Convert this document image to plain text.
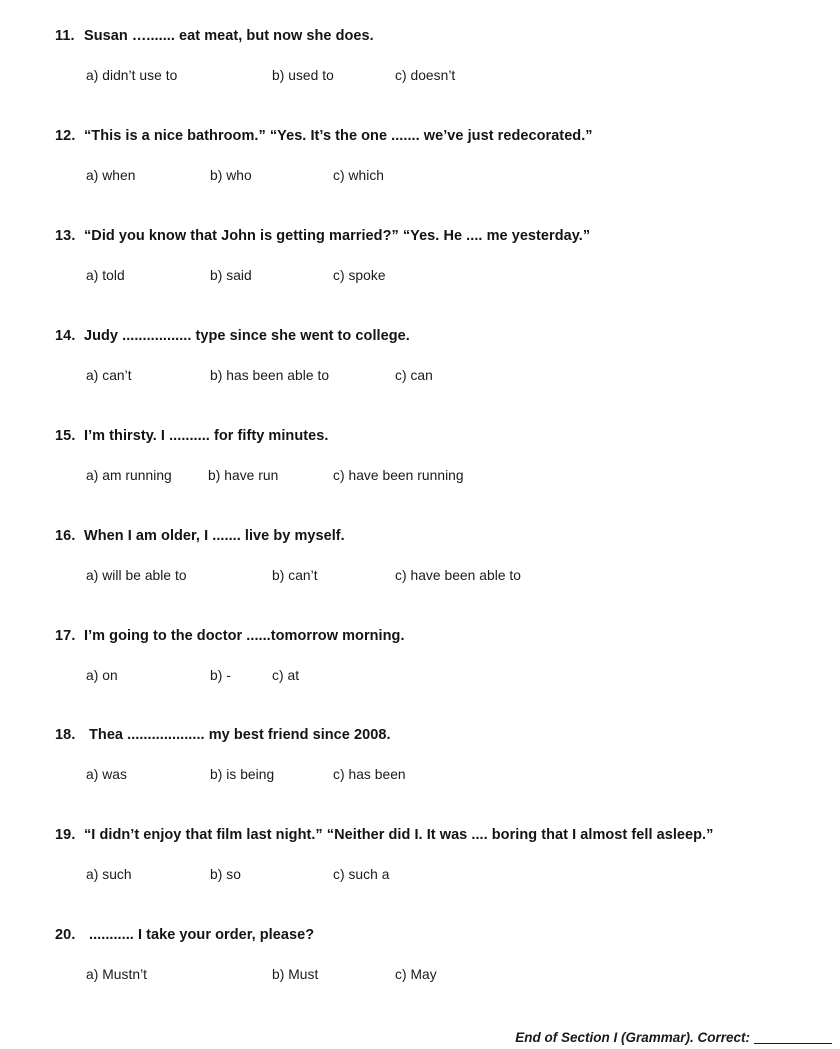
11. Susan …....... eat meat, but now she does.
a) didn’t use to	b) used to	c) doesn’t
12. “This is a nice bathroom.” “Yes. It’s the one ....... we’ve just redecorated.”
a) when	b) who	c) which
13. “Did you know that John is getting married?” “Yes. He .... me yesterday.”
a) told	b) said	c) spoke
14. Judy ................. type since she went to college.
a) can’t	b) has been able to	c) can
15. I’m thirsty. I .......... for fifty minutes.
a) am running	b) have run	c) have been running
16. When I am older, I ....... live by myself.
a) will be able to	b) can’t	c) have been able to
17. I’m going to the doctor ......tomorrow morning.
a) on	b) -	c) at
18. Thea ................... my best friend since 2008.
a) was	b) is being	c) has been
19. “I didn’t enjoy that film last night.” “Neither did I. It was .... boring that I almost fell asleep.”
a) such	b) so	c) such a
20. ........... I take your order, please?
a) Mustn’t	b) Must	c) May
End of Section I (Grammar). Correct:
